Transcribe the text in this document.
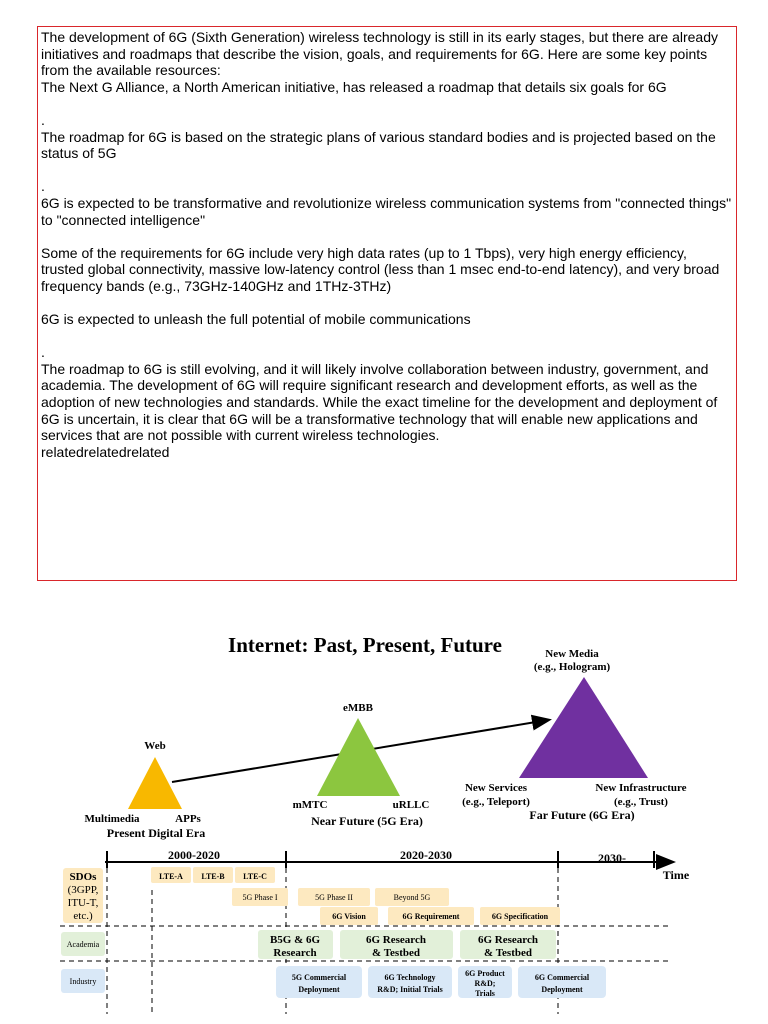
The development of 6G (Sixth Generation) wireless technology is still in its early stages, but there are already initiatives and roadmaps that describe the vision, goals, and requirements for 6G. Here are some key points from the available resources:

The Next G Alliance, a North American initiative, has released a roadmap that details six goals for 6G

.

The roadmap for 6G is based on the strategic plans of various standard bodies and is projected based on the status of 5G

.

6G is expected to be transformative and revolutionize wireless communication systems from "connected things" to "connected intelligence"

Some of the requirements for 6G include very high data rates (up to 1 Tbps), very high energy efficiency, trusted global connectivity, massive low-latency control (less than 1 msec end-to-end latency), and very broad frequency bands (e.g., 73GHz-140GHz and 1THz-3THz)

6G is expected to unleash the full potential of mobile communications

.

The roadmap to 6G is still evolving, and it will likely involve collaboration between industry, government, and academia. The development of 6G will require significant research and development efforts, as well as the adoption of new technologies and standards. While the exact timeline for the development and deployment of 6G is uncertain, it is clear that 6G will be a transformative technology that will enable new applications and services that are not possible with current wireless technologies.

relatedrelatedrelated

Internet: Past, Present, Future
Web
Multimedia	APPs
Present Digital Era
eMBB
mMTC	uRLLC
Near Future (5G Era)
New Media
(e.g., Hologram)
New Services
(e.g., Teleport)
New Infrastructure
(e.g., Trust)
Far Future (6G Era)
2000-2020	2020-2030	2030-
Time
SDOs
(3GPP,
ITU-T,
etc.)
Academia
Industry
LTE-A LTE-B LTE-C
5G Phase I	5G Phase II	Beyond 5G
6G Vision	6G Requirement	6G Specification
B5G & 6G
Research
6G Research
& Testbed
6G Research
& Testbed
5G Commercial
Deployment
6G Technology
R&D; Initial Trials
6G Product
R&D;
Trials
6G Commercial
Deployment
